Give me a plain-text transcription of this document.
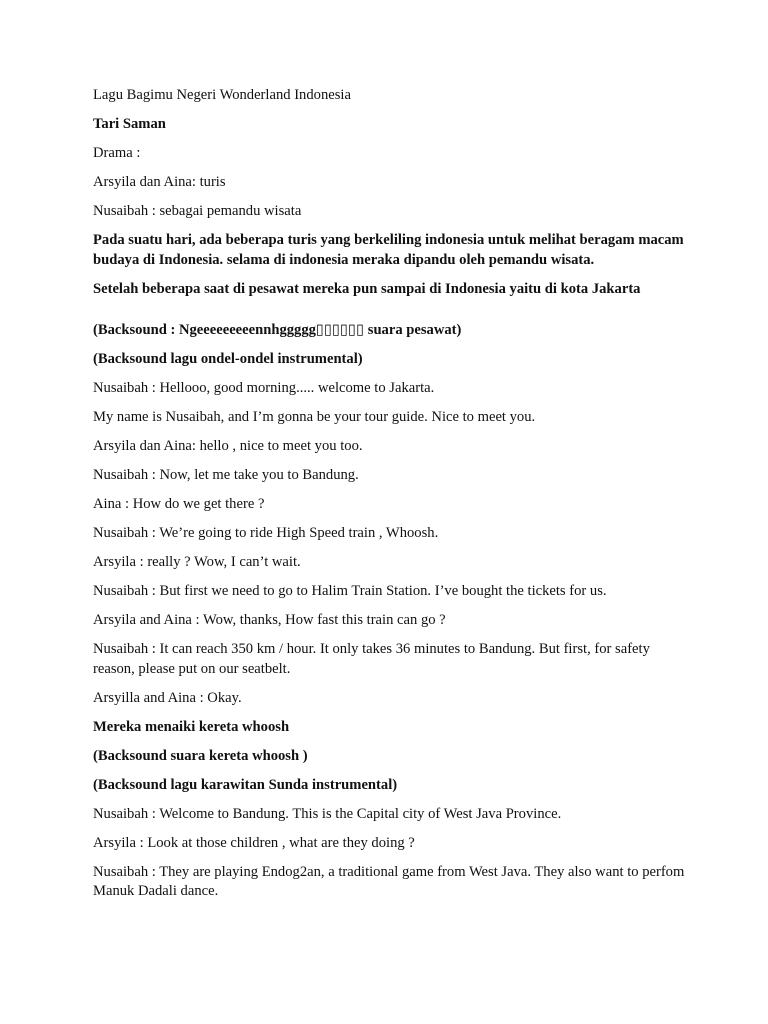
Lagu Bagimu Negeri Wonderland Indonesia

Tari Saman

Drama :

Arsyila dan Aina: turis

Nusaibah : sebagai pemandu wisata

Pada suatu hari, ada beberapa turis yang berkeliling indonesia untuk melihat beragam macam budaya di Indonesia. selama di indonesia meraka dipandu oleh pemandu wisata.

Setelah beberapa saat di pesawat mereka pun sampai di Indonesia yaitu di kota Jakarta

(Backsound : Ngeeeeeeeeennhggggg▯▯▯▯▯▯ suara pesawat)

(Backsound lagu ondel-ondel instrumental)

Nusaibah : Hellooo, good morning..... welcome to Jakarta.

My name is Nusaibah, and I’m gonna be your tour guide. Nice to meet you.

Arsyila dan Aina: hello , nice to meet you too.

Nusaibah : Now, let me take you to Bandung.

Aina : How do we get there ?

Nusaibah : We’re going to ride High Speed train , Whoosh.

Arsyila : really ? Wow, I can’t wait.

Nusaibah : But first we need to go to Halim Train Station. I’ve bought the tickets for us.

Arsyila and Aina : Wow, thanks, How fast this train can go ?

Nusaibah : It can reach 350 km / hour. It only takes 36 minutes to Bandung. But first, for safety reason, please put on our seatbelt.

Arsyilla and Aina : Okay.

Mereka menaiki kereta whoosh

(Backsound suara kereta whoosh )

(Backsound lagu karawitan Sunda instrumental)

Nusaibah : Welcome to Bandung. This is the Capital city of West Java Province.

Arsyila : Look at those children , what are they doing ?

Nusaibah : They are playing Endog2an, a traditional game from West Java. They also want to perfom Manuk Dadali dance.
